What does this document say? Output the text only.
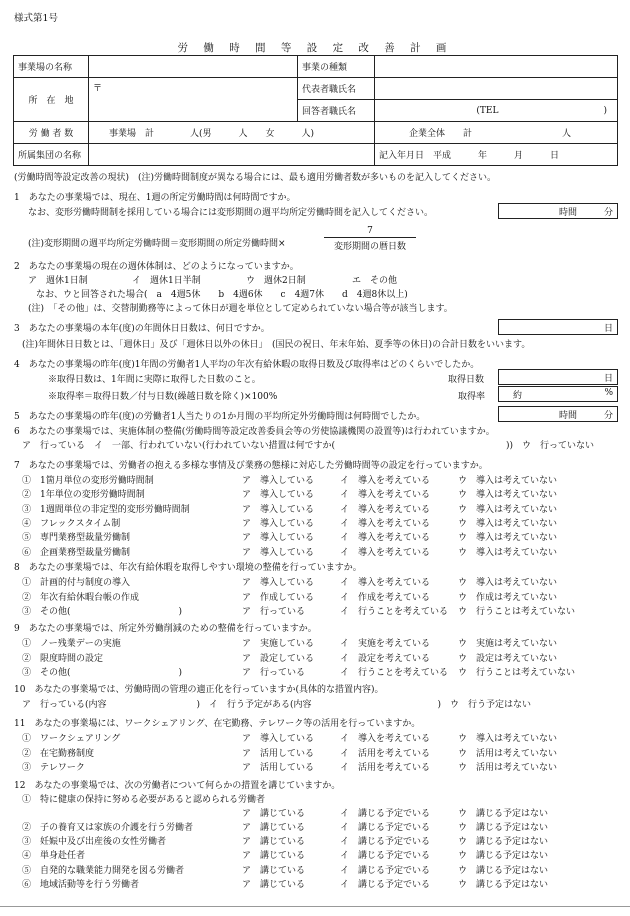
様式第1号
労 働 時 間 等 設 定 改 善 計 画
事業場の名称		事業の種類	
所　在　地	〒	代表者職氏名	
		回答者職氏名	(TEL )
労 働 者 数	事業場　計　　　　人(男　　　人　　女　　　人)		企業全体　　計　　　　　　　　　　人
所属集団の名称			記入年月日　平成　　　年　　　月　　　日
(労働時間等設定改善の現状)　(注)労働時間制度が異なる場合には、最も適用労働者数が多いものを記入してください。
1　あなたの事業場では、現在、1週の所定労働時間は何時間ですか。
なお、変形労働時間制を採用している場合には変形期間の週平均所定労働時間を記入してください。	時間　　　分
(注)変形期間の週平均所定労働時間＝変形期間の所定労働時間×
7
変形期間の暦日数
2　あなたの事業場の現在の週休体制は、どのようになっていますか。
ア　週休1日制	イ　週休1日半制	ウ　週休2日制	エ　その他
なお、ウと回答された場合(　a　4週5休　　b　4週6休　　c　4週7休　　d　4週8休以上)
(注)　「その他」は、交替制勤務等によって休日が週を単位として定められていない場合等が該当します。
3　あなたの事業場の本年(度)の年間休日日数は、何日ですか。	日
(注)年間休日日数とは、「週休日」及び「週休日以外の休日」　(国民の祝日、年末年始、夏季等の休日)の合計日数をいいます。
4　あなたの事業場の昨年(度)1年間の労働者1人平均の年次有給休暇の取得日数及び取得率はどのくらいでしたか。
※取得日数は、1年間に実際に取得した日数のこと。
※取得率＝取得日数／付与日数(繰越日数を除く)×100%
取得日数	日
取得率	約	%
5　あなたの事業場の昨年(度)の労働者1人当たりの1か月間の平均所定外労働時間は何時間でしたか。	時間　　　分
6　あなたの事業場では、実施体制の整備(労働時間等設定改善委員会等の労使協議機関の設置等)は行われていますか。
ア　行っている　イ　一部、行われていない(行われていない措置は何ですか(　　　　　　　　　　　　　　　　　　　))　ウ　行っていない
7　あなたの事業場では、労働者の抱える多様な事情及び業務の態様に対応した労働時間等の設定を行っていますか。
①　1箇月単位の変形労働時間制	ア　導入している	イ　導入を考えている	ウ　導入は考えていない
②　1年単位の変形労働時間制	ア　導入している	イ　導入を考えている	ウ　導入は考えていない
③　1週間単位の非定型的変形労働時間制	ア　導入している	イ　導入を考えている	ウ　導入は考えていない
④　フレックスタイム制	ア　導入している	イ　導入を考えている	ウ　導入は考えていない
⑤　専門業務型裁量労働制	ア　導入している	イ　導入を考えている	ウ　導入は考えていない
⑥　企画業務型裁量労働制	ア　導入している	イ　導入を考えている	ウ　導入は考えていない
8　あなたの事業場では、年次有給休暇を取得しやすい環境の整備を行っていますか。
①　計画的付与制度の導入	ア　導入している	イ　導入を考えている	ウ　導入は考えていない
②　年次有給休暇台帳の作成	ア　作成している	イ　作成を考えている	ウ　作成は考えていない
③　その他(　　　　　　　　　　　　)	ア　行っている	イ　行うことを考えている ウ　行うことは考えていない
9　あなたの事業場では、所定外労働削減のための整備を行っていますか。
①　ノー残業デーの実施	ア　実施している	イ　実施を考えている	ウ　実施は考えていない
②　限度時間の設定	ア　設定している	イ　設定を考えている	ウ　設定は考えていない
③　その他(　　　　　　　　　　　　)	ア　行っている	イ　行うことを考えている ウ　行うことは考えていない
10　あなたの事業場では、労働時間の管理の適正化を行っていますか(具体的な措置内容)。
ア　行っている(内容　　　　　　　　　　)　イ　行う予定がある(内容　　　　　　　　　　　　　　)　ウ　行う予定はない
11　あなたの事業場には、ワークシェアリング、在宅勤務、テレワーク等の活用を行っていますか。
①　ワークシェアリング	ア　導入している	イ　導入を考えている	ウ　導入は考えていない
②　在宅勤務制度	ア　活用している	イ　活用を考えている	ウ　活用は考えていない
③　テレワーク	ア　活用している	イ　活用を考えている	ウ　活用は考えていない
12　あなたの事業場では、次の労働者について何らかの措置を講じていますか。
①　特に健康の保持に努める必要があると認められる労働者
ア　講じている	イ　講じる予定でいる	ウ　講じる予定はない
②　子の養育又は家族の介護を行う労働者	ア　講じている	イ　講じる予定でいる	ウ　講じる予定はない
③　妊娠中及び出産後の女性労働者	ア　講じている	イ　講じる予定でいる	ウ　講じる予定はない
④　単身赴任者	ア　講じている	イ　講じる予定でいる	ウ　講じる予定はない
⑤　自発的な職業能力開発を図る労働者	ア　講じている	イ　講じる予定でいる	ウ　講じる予定はない
⑥　地域活動等を行う労働者	ア　講じている	イ　講じる予定でいる	ウ　講じる予定はない
